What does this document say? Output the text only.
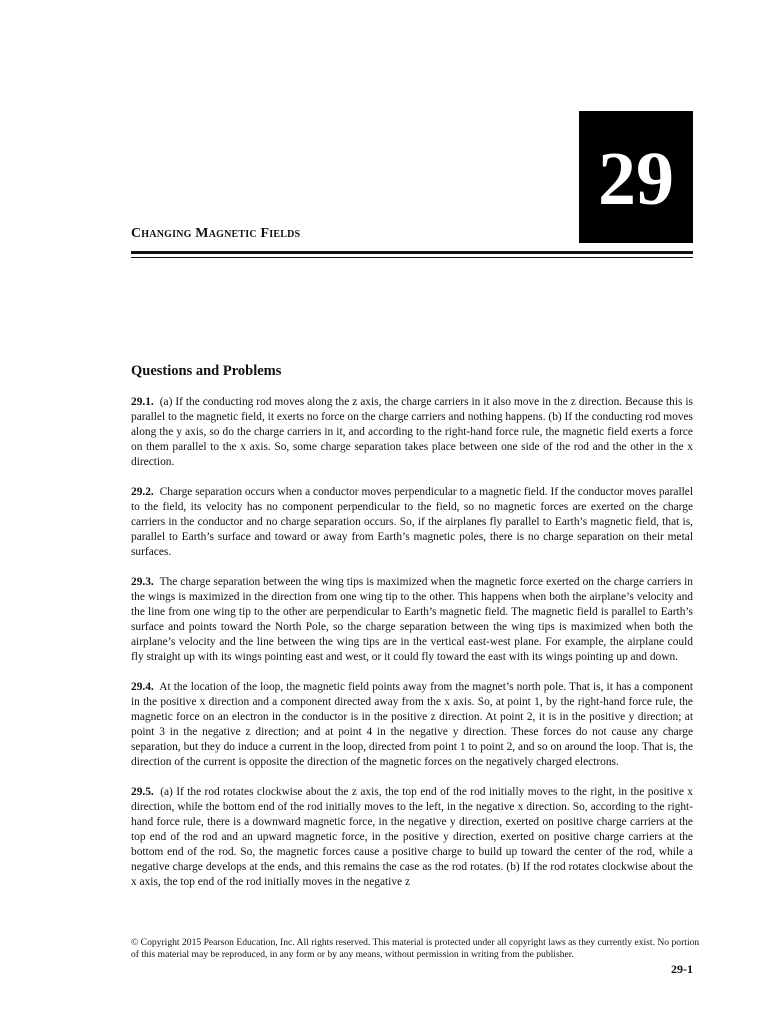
29
Changing Magnetic Fields
Questions and Problems

29.1. (a) If the conducting rod moves along the z axis, the charge carriers in it also move in the z direction. Because this is parallel to the magnetic field, it exerts no force on the charge carriers and nothing happens. (b) If the conducting rod moves along the y axis, so do the charge carriers in it, and according to the right-hand force rule, the magnetic field exerts a force on them parallel to the x axis. So, some charge separation takes place between one side of the rod and the other in the x direction.

29.2. Charge separation occurs when a conductor moves perpendicular to a magnetic field. If the conductor moves parallel to the field, its velocity has no component perpendicular to the field, so no magnetic forces are exerted on the charge carriers in the conductor and no charge separation occurs. So, if the airplanes fly parallel to Earth’s magnetic field, that is, parallel to Earth’s surface and toward or away from Earth’s magnetic poles, there is no charge separation on their metal surfaces.

29.3. The charge separation between the wing tips is maximized when the magnetic force exerted on the charge carriers in the wings is maximized in the direction from one wing tip to the other. This happens when both the airplane’s velocity and the line from one wing tip to the other are perpendicular to Earth’s magnetic field. The magnetic field is parallel to Earth’s surface and points toward the North Pole, so the charge separation between the wing tips is maximized when both the airplane’s velocity and the line between the wing tips are in the vertical east-west plane. For example, the airplane could fly straight up with its wings pointing east and west, or it could fly toward the east with its wings pointing up and down.

29.4. At the location of the loop, the magnetic field points away from the magnet’s north pole. That is, it has a component in the positive x direction and a component directed away from the x axis. So, at point 1, by the right-hand force rule, the magnetic force on an electron in the conductor is in the positive z direction. At point 2, it is in the positive y direction; at point 3 in the negative z direction; and at point 4 in the negative y direction. These forces do not cause any charge separation, but they do induce a current in the loop, directed from point 1 to point 2, and so on around the loop. That is, the direction of the current is opposite the direction of the magnetic forces on the negatively charged electrons.

29.5. (a) If the rod rotates clockwise about the z axis, the top end of the rod initially moves to the right, in the positive x direction, while the bottom end of the rod initially moves to the left, in the negative x direction. So, according to the right-hand force rule, there is a downward magnetic force, in the negative y direction, exerted on positive charge carriers at the top end of the rod and an upward magnetic force, in the positive y direction, exerted on positive charge carriers at the bottom end of the rod. So, the magnetic forces cause a positive charge to build up toward the center of the rod, while a negative charge develops at the ends, and this remains the case as the rod rotates. (b) If the rod rotates clockwise about the x axis, the top end of the rod initially moves in the negative z

© Copyright 2015 Pearson Education, Inc. All rights reserved. This material is protected under all copyright laws as they currently exist. No portion of this material may be reproduced, in any form or by any means, without permission in writing from the publisher.
29-1
